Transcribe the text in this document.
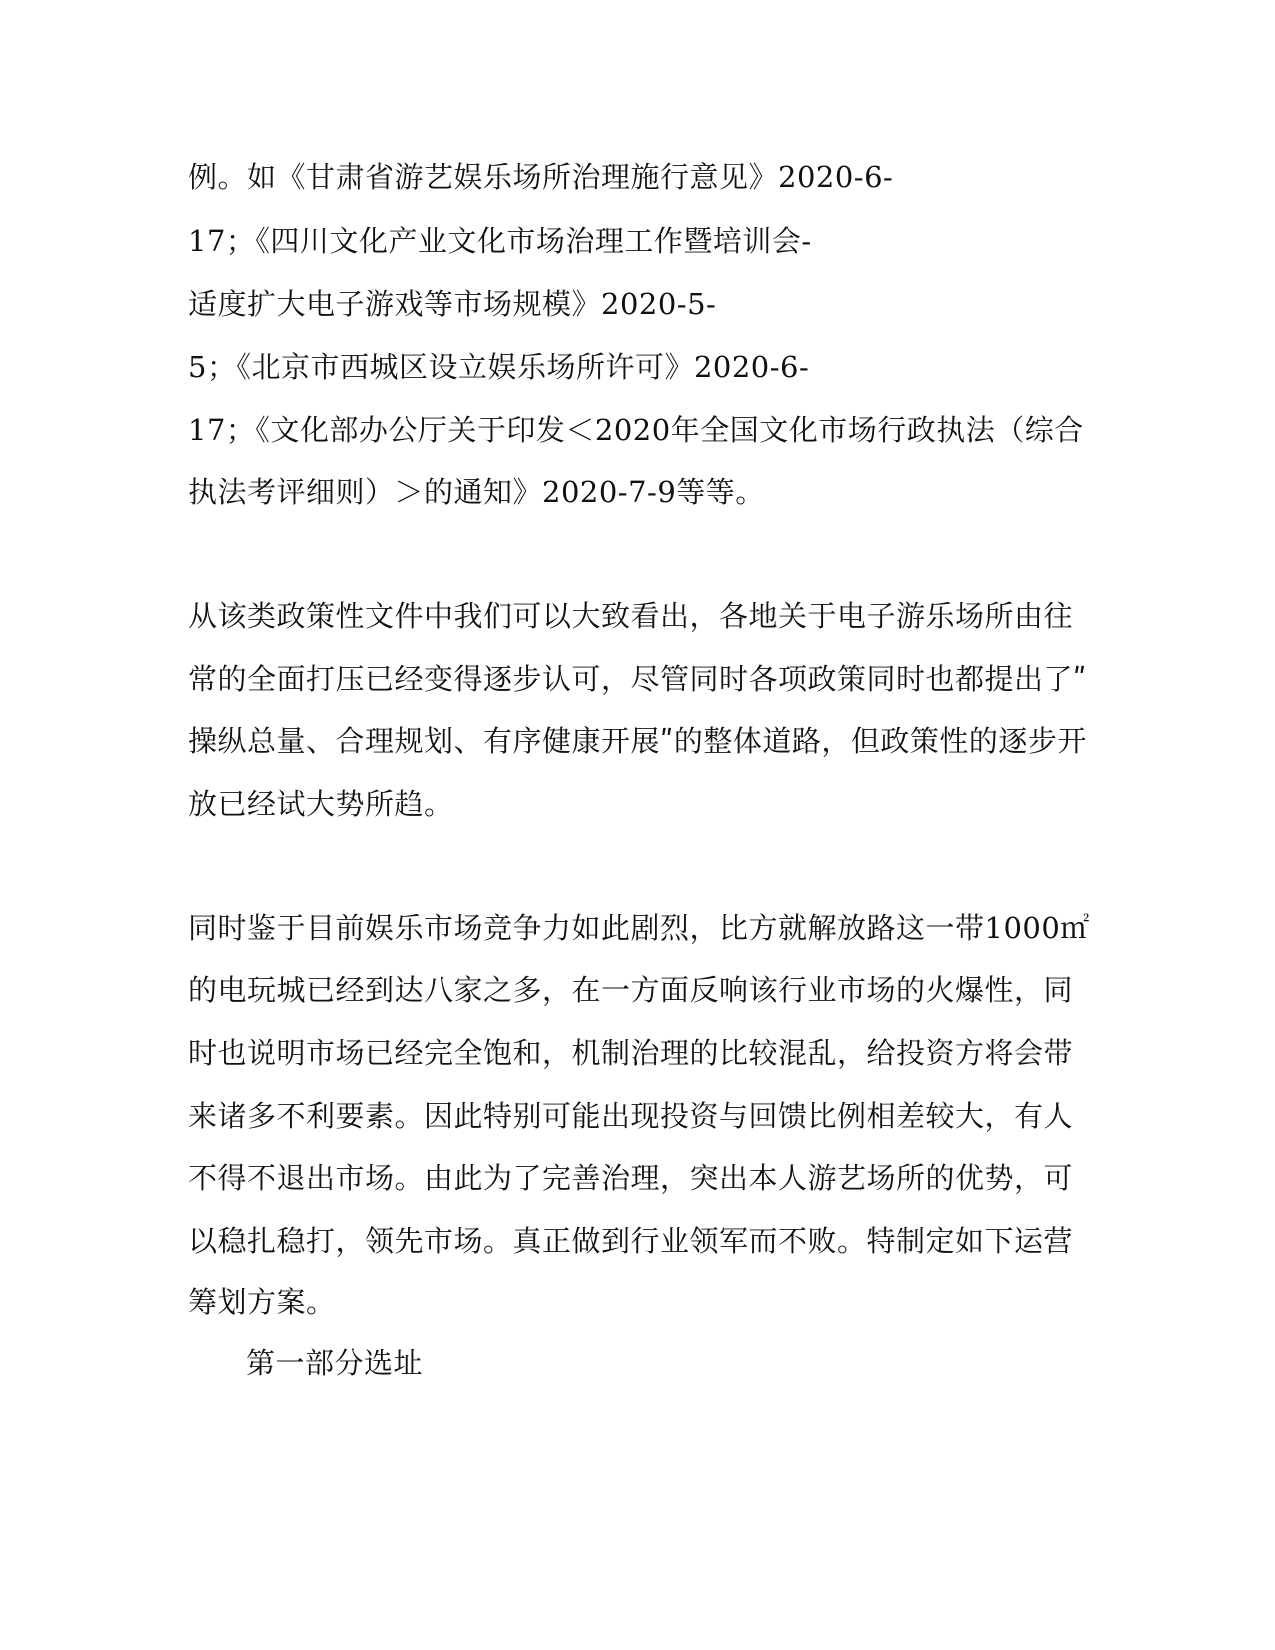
例。如《甘肃省游艺娱乐场所治理施行意见》2020-6-
17；《四川文化产业文化市场治理工作暨培训会-
适度扩大电子游戏等市场规模》2020-5-
5；《北京市西城区设立娱乐场所许可》2020-6-
17；《文化部办公厅关于印发＜2020年全国文化市场行政执法（综合
执法考评细则）＞的通知》2020-7-9等等。
从该类政策性文件中我们可以大致看出，各地关于电子游乐场所由往
常的全面打压已经变得逐步认可，尽管同时各项政策同时也都提出了ʺ
操纵总量、合理规划、有序健康开展ʺ的整体道路，但政策性的逐步开
放已经试大势所趋。
同时鉴于目前娱乐市场竞争力如此剧烈，比方就解放路这一带1000㎡
的电玩城已经到达八家之多，在一方面反响该行业市场的火爆性，同
时也说明市场已经完全饱和，机制治理的比较混乱，给投资方将会带
来诸多不利要素。因此特别可能出现投资与回馈比例相差较大，有人
不得不退出市场。由此为了完善治理，突出本人游艺场所的优势，可
以稳扎稳打，领先市场。真正做到行业领军而不败。特制定如下运营
筹划方案。
第一部分选址
